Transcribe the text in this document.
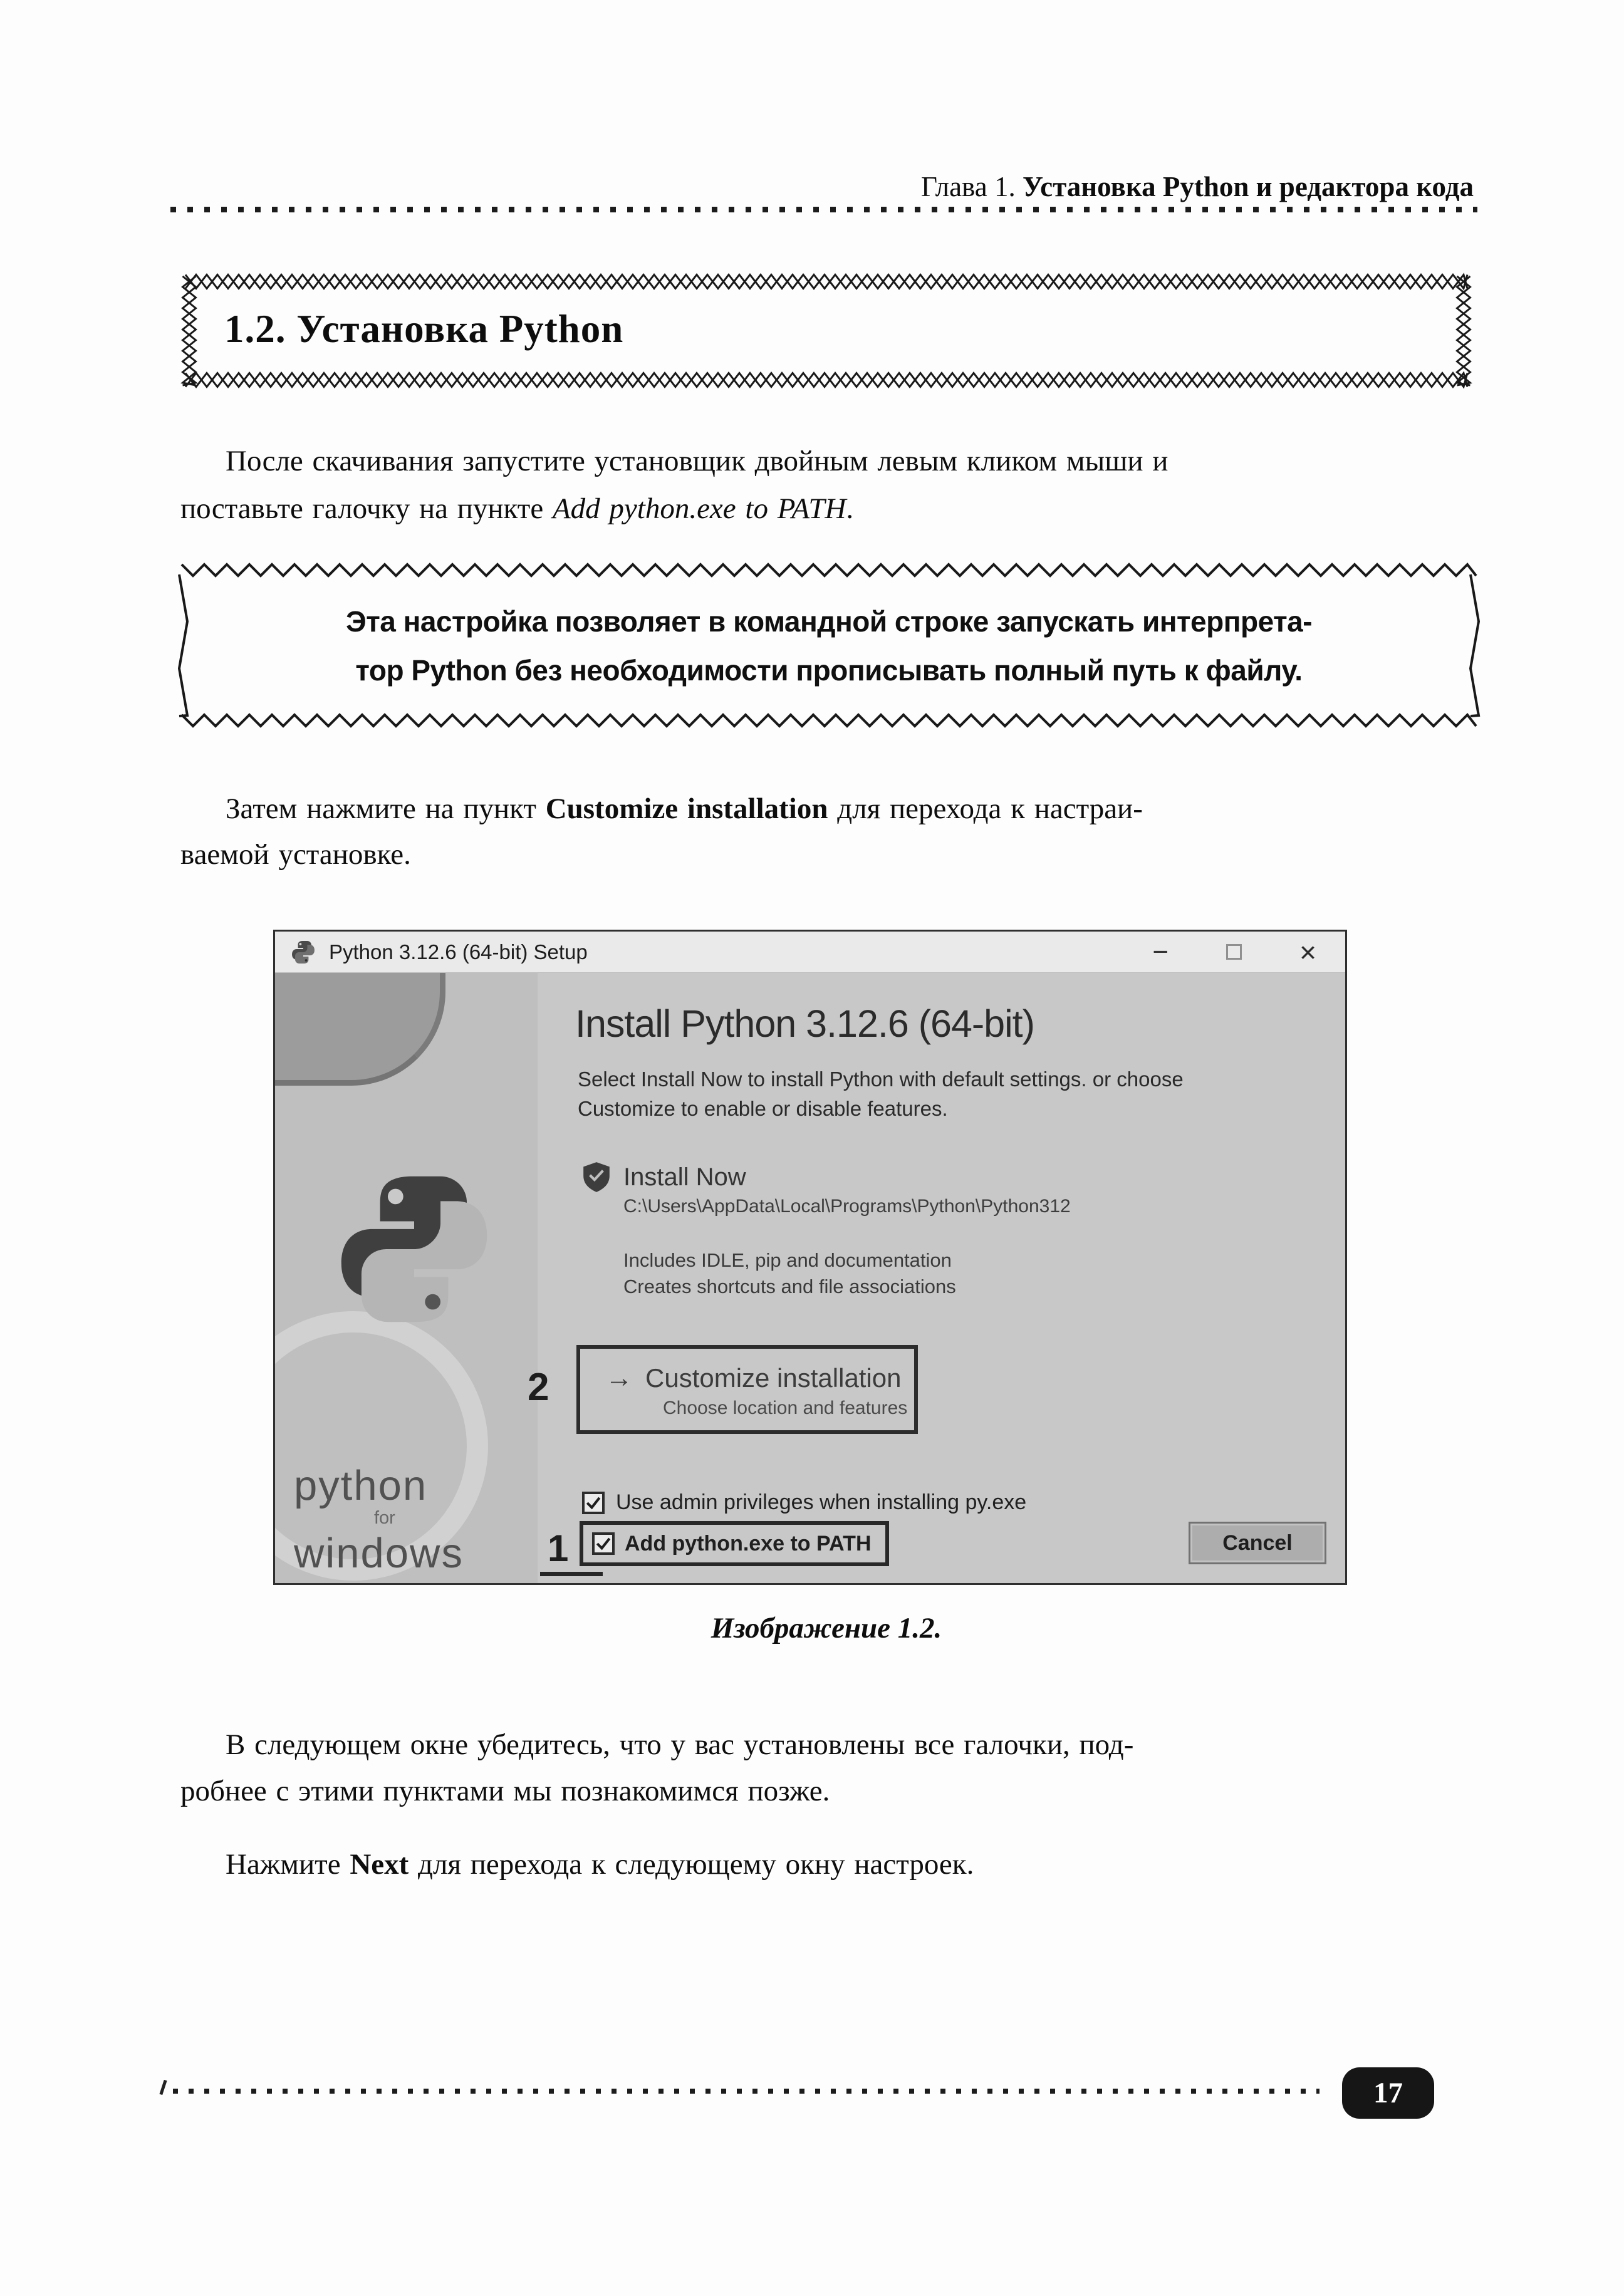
Глава 1. Установка Python и редактора кода
1.2. Установка Python

После скачивания запустите установщик двойным левым кликом мыши и
поставьте галочку на пункте Add python.exe to PATH.

Эта настройка позволяет в командной строке запускать интерпрета-
тор Python без необходимости прописывать полный путь к файлу.

Затем нажмите на пункт Customize installation для перехода к настраи-
ваемой установке.

Python 3.12.6 (64-bit) Setup	−	×
python
for
windows
Install Python 3.12.6 (64-bit)
Select Install Now to install Python with default settings. or choose
Customize to enable or disable features.
Install Now
C:\Users\AppData\Local\Programs\Python\Python312
Includes IDLE, pip and documentation
Creates shortcuts and file associations
2 → Customize installation
Choose location and features
Use admin privileges when installing py.exe
1	Add python.exe to PATH	Cancel
Изображение 1.2.

В следующем окне убедитесь, что у вас установлены все галочки, под-
робнее с этими пунктами мы познакомимся позже.

Нажмите Next для перехода к следующему окну настроек.

17
